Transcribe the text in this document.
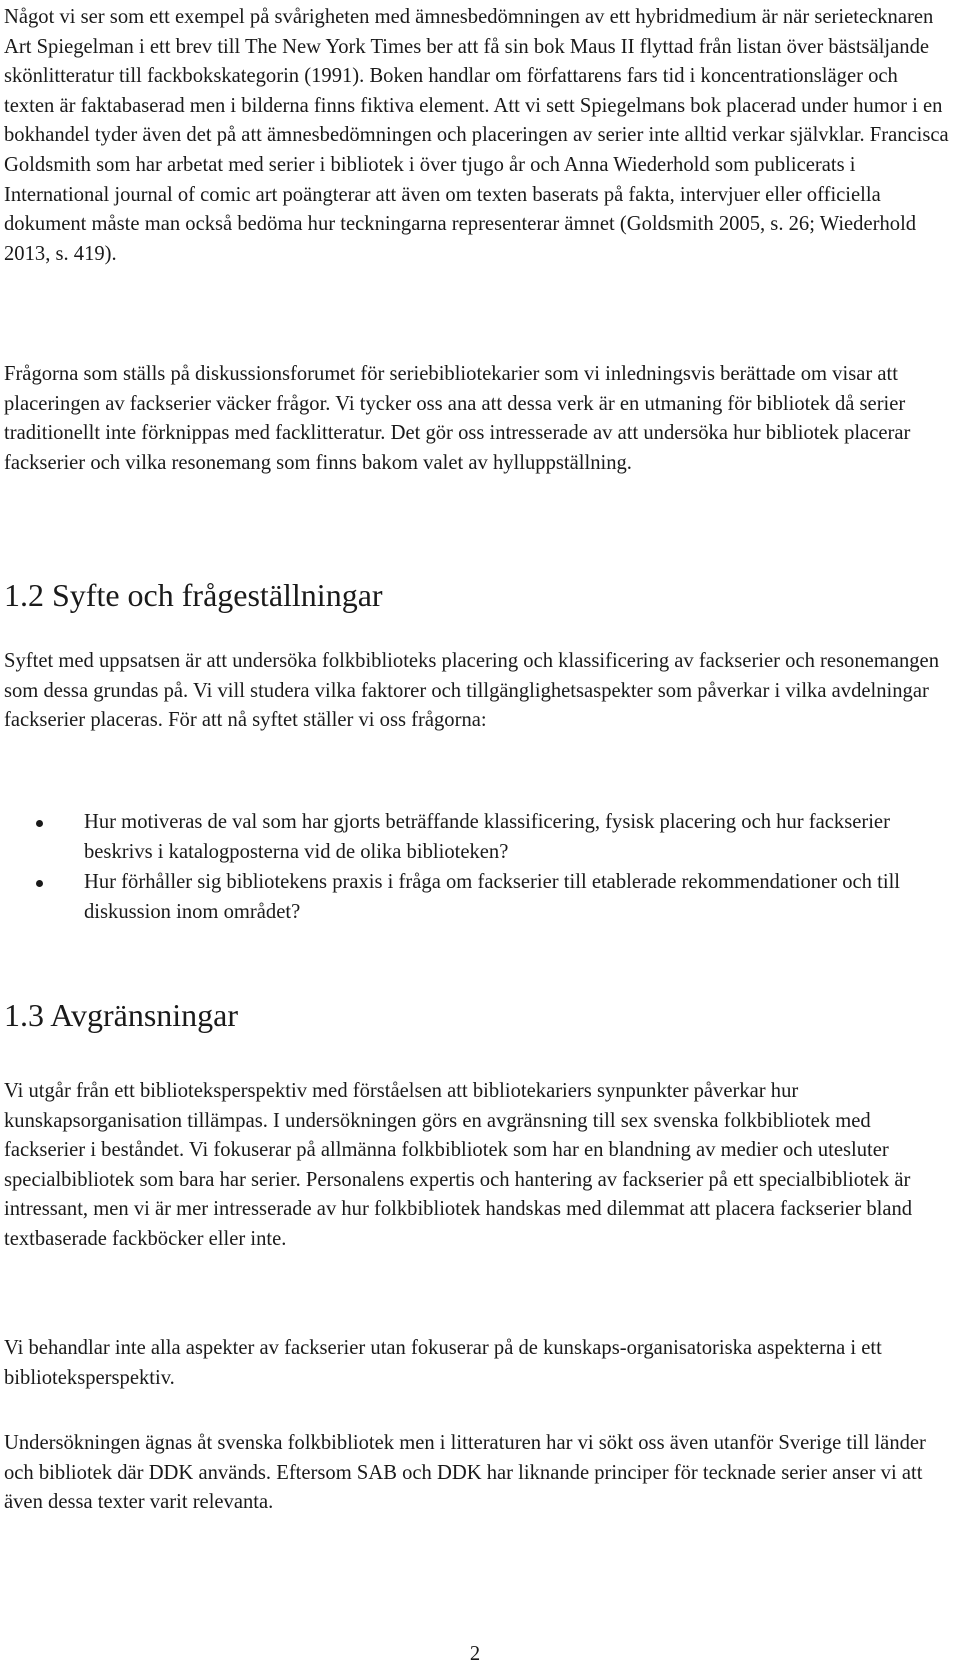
Något vi ser som ett exempel på svårigheten med ämnesbedömningen av ett hybridmedium är när serietecknaren Art Spiegelman i ett brev till The New York Times ber att få sin bok Maus II flyttad från listan över bästsäljande skönlitteratur till fackbokskategorin (1991). Boken handlar om författarens fars tid i koncentrationsläger och texten är faktabaserad men i bilderna finns fiktiva element. Att vi sett Spiegelmans bok placerad under humor i en bokhandel tyder även det på att ämnesbedömningen och placeringen av serier inte alltid verkar självklar. Francisca Goldsmith som har arbetat med serier i bibliotek i över tjugo år och Anna Wiederhold som publicerats i International journal of comic art poängterar att även om texten baserats på fakta, intervjuer eller officiella dokument måste man också bedöma hur teckningarna representerar ämnet (Goldsmith 2005, s. 26; Wiederhold 2013, s. 419).

Frågorna som ställs på diskussionsforumet för seriebibliotekarier som vi inledningsvis berättade om visar att placeringen av fackserier väcker frågor. Vi tycker oss ana att dessa verk är en utmaning för bibliotek då serier traditionellt inte förknippas med facklitteratur. Det gör oss intresserade av att undersöka hur bibliotek placerar fackserier och vilka resonemang som finns bakom valet av hylluppställning.

1.2 Syfte och frågeställningar

Syftet med uppsatsen är att undersöka folkbiblioteks placering och klassificering av fackserier och resonemangen som dessa grundas på. Vi vill studera vilka faktorer och tillgänglighetsaspekter som påverkar i vilka avdelningar fackserier placeras. För att nå syftet ställer vi oss frågorna:

Hur motiveras de val som har gjorts beträffande klassificering, fysisk placering och hur fackserier beskrivs i katalogposterna vid de olika biblioteken?
Hur förhåller sig bibliotekens praxis i fråga om fackserier till etablerade rekommendationer och till diskussion inom området?
1.3 Avgränsningar

Vi utgår från ett biblioteksperspektiv med förståelsen att bibliotekariers synpunkter påverkar hur kunskapsorganisation tillämpas. I undersökningen görs en avgränsning till sex svenska folkbibliotek med fackserier i beståndet. Vi fokuserar på allmänna folkbibliotek som har en blandning av medier och utesluter specialbibliotek som bara har serier. Personalens expertis och hantering av fackserier på ett specialbibliotek är intressant, men vi är mer intresserade av hur folkbibliotek handskas med dilemmat att placera fackserier bland textbaserade fackböcker eller inte.

Vi behandlar inte alla aspekter av fackserier utan fokuserar på de kunskaps-organisatoriska aspekterna i ett biblioteksperspektiv.

Undersökningen ägnas åt svenska folkbibliotek men i litteraturen har vi sökt oss även utanför Sverige till länder och bibliotek där DDK används. Eftersom SAB och DDK har liknande principer för tecknade serier anser vi att även dessa texter varit relevanta.

2
